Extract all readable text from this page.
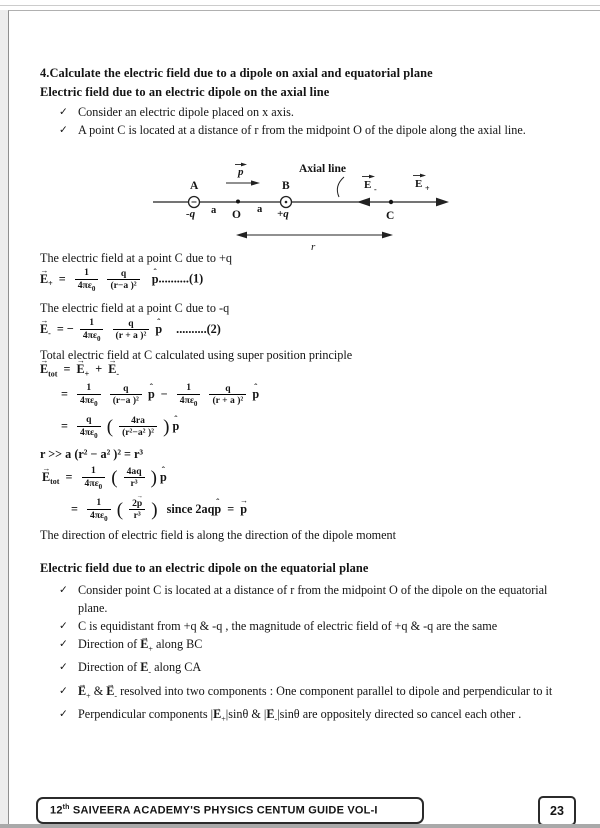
4.Calculate the electric field due to a dipole on axial and equatorial plane
Electric field due to an electric dipole on the axial line
✓ Consider an electric dipole placed on x axis.
✓ A point C is located at a distance of r from the midpoint O of the dipole along the axial line.
A
-q	O
a	a
B
+q
p	Axial line
E -	E +
C
r
The electric field at a point C due to +q
$E \to_+ = \frac{1}{4\pi\varepsilon_0}$
$\frac{q}{\text{(r−a )²}}$ p ˆ..........(1)
The electric field at a point C due to -q
$E \to_-$ = − $\frac{1}{4\pi\varepsilon_0}$
$\frac{q}{\text{(r + a )²}}$ p ˆ ..........(2)
Total electric field at C calculated using super position principle
$E \to_{tot} = E \to_+ + E \to_-$
= $\frac{1}{4\pi\varepsilon_0}$
$\frac{q}{\text{(r−a )²}}$ p ˆ − $\frac{1}{4\pi\varepsilon_0}$
$\frac{q}{\text{(r + a )²}}$ p ˆ
= $\frac{q}{4\pi\varepsilon_0}$ ( $\frac{4ra}{\text{(r²−a² )²}}$ ) p ˆ
r >> a (r² − a² )² = r³
$E \to_{tot} = \frac{1}{4\pi\varepsilon_0}$ ( $\frac{4aq}{\text{r³}}$ ) p ˆ
= $\frac{1}{4\pi\varepsilon_0}$ ( $\frac{2p \to}{\text{r³}}$ ) since 2aqp ˆ = p →
The direction of electric field is along the direction of the dipole moment
Electric field due to an electric dipole on the equatorial plane
✓ Consider point C is located at a distance of r from the midpoint O of the dipole on the equatorial plane.
✓ C is equidistant from +q & -q , the magnitude of electric field of +q & -q are the same
✓ Direction of $E \to_+$ along BC
✓ Direction of $E \to_-$ along CA
✓ $E \to_+$ & $E \to_-$ resolved into two components : One component parallel to dipole and perpendicular to it
✓ Perpendicular components $|E \to_+|\sin\theta$ & $|E \to_-|\sin\theta$ are oppositely directed so cancel each other .
12th SAIVEERA ACADEMY'S PHYSICS CENTUM GUIDE VOL-I	23
